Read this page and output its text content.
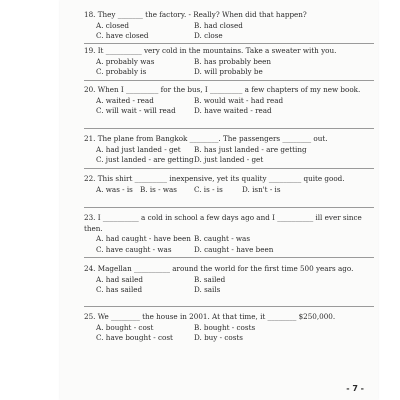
18. They _______ the factory. - Really? When did that happen?

A. closed	B. had closed
C. have closed	D. close

19. It __________ very cold in the mountains. Take a sweater with you.

A. probably was	B. has probably been
C. probably is	D. will probably be

20. When I _________ for the bus, I _________ a few chapters of my new book.

A. waited - read	B. would wait - had read
C. will wait - will read	D. have waited - read

21. The plane from Bangkok ________. The passengers ________ out.

A. had just landed - get B. has just landed - are getting
C. just landed - are getting D. just landed - get

22. This shirt _________ inexpensive, yet its quality _________ quite good.

A. was - is B. is - was C. is - is	D. isn't - is

23. I __________ a cold in school a few days ago and I __________ ill ever since then.

A. had caught - have been B. caught - was
C. have caught - was	D. caught - have been

24. Magellan __________ around the world for the first time 500 years ago.

A. had sailed	B. sailed
C. has sailed	D. sails

25. We ________ the house in 2001. At that time, it ________ $250,000.

A. bought - cost	B. bought - costs
C. have bought - cost	D. buy - costs
- 7 -
